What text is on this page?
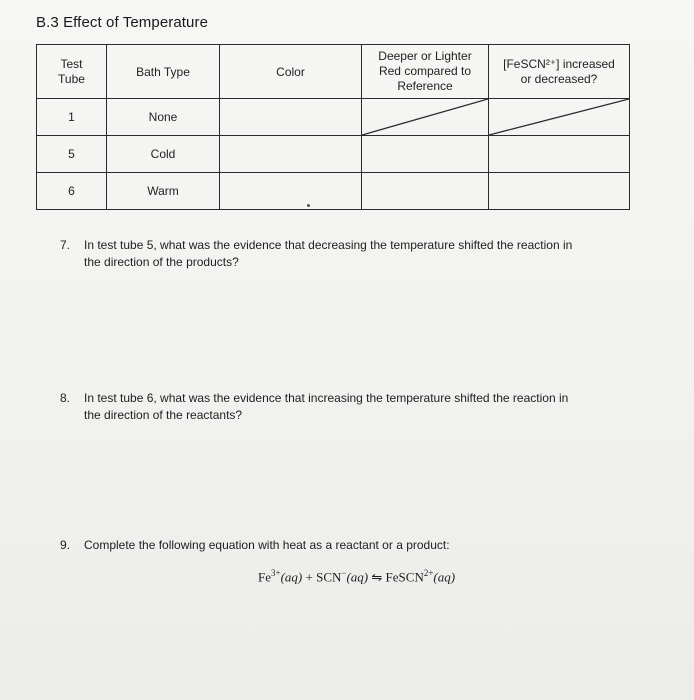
B.3 Effect of Temperature
Test
Tube	Bath Type	Color	Deeper or Lighter
Red compared to
Reference	[FeSCN²⁺] increased
or decreased?

1	None		

5	Cold			
6	Warm			
7. In test tube 5, what was the evidence that decreasing the temperature shifted the reaction in
the direction of the products?
8. In test tube 6, what was the evidence that increasing the temperature shifted the reaction in
the direction of the reactants?
9. Complete the following equation with heat as a reactant or a product:
$Fe^{3+}(aq) + SCN^-(aq)$ ⇋ FeSCN$^{2+}$(aq)
